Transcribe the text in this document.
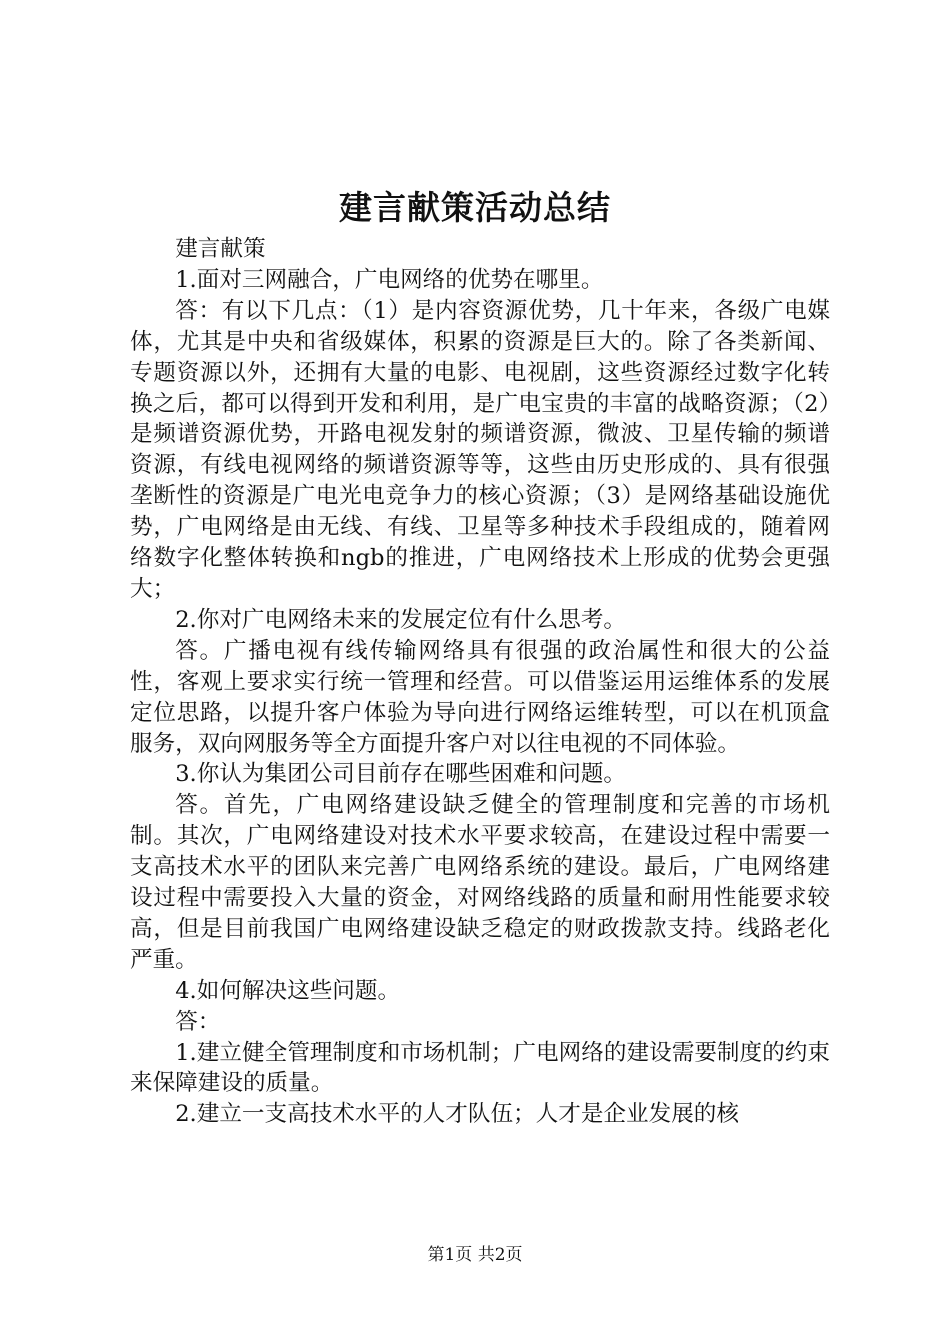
建言献策活动总结

建言献策

1.面对三网融合，广电网络的优势在哪里。

答：有以下几点：（1）是内容资源优势，几十年来，各级广电媒体，尤其是中央和省级媒体，积累的资源是巨大的。除了各类新闻、专题资源以外，还拥有大量的电影、电视剧，这些资源经过数字化转换之后，都可以得到开发和利用，是广电宝贵的丰富的战略资源；（2）是频谱资源优势，开路电视发射的频谱资源，微波、卫星传输的频谱资源，有线电视网络的频谱资源等等，这些由历史形成的、具有很强垄断性的资源是广电光电竞争力的核心资源；（3）是网络基础设施优势，广电网络是由无线、有线、卫星等多种技术手段组成的，随着网络数字化整体转换和ngb的推进，广电网络技术上形成的优势会更强大；

2.你对广电网络未来的发展定位有什么思考。

答。广播电视有线传输网络具有很强的政治属性和很大的公益性，客观上要求实行统一管理和经营。可以借鉴运用运维体系的发展定位思路，以提升客户体验为导向进行网络运维转型，可以在机顶盒服务，双向网服务等全方面提升客户对以往电视的不同体验。

3.你认为集团公司目前存在哪些困难和问题。

答。首先，广电网络建设缺乏健全的管理制度和完善的市场机制。其次，广电网络建设对技术水平要求较高，在建设过程中需要一支高技术水平的团队来完善广电网络系统的建设。最后，广电网络建设过程中需要投入大量的资金，对网络线路的质量和耐用性能要求较高，但是目前我国广电网络建设缺乏稳定的财政拨款支持。线路老化严重。

4.如何解决这些问题。

答：

1.建立健全管理制度和市场机制；广电网络的建设需要制度的约束来保障建设的质量。

2.建立一支高技术水平的人才队伍；人才是企业发展的核

第1页 共2页
